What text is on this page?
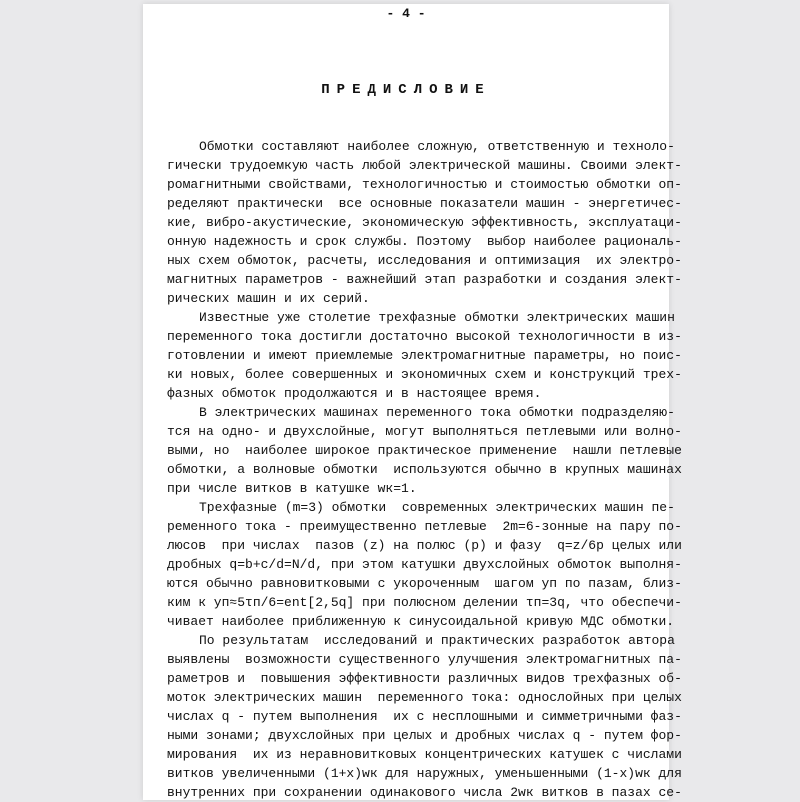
- 4 -
ПРЕДИСЛОВИЕ
Обмотки составляют наиболее сложную, ответственную и техноло-
гически трудоемкую часть любой электрической машины. Своими элект-
ромагнитными свойствами, технологичностью и стоимостью обмотки оп-
ределяют практически  все основные показатели машин - энергетичес-
кие, вибро-акустические, экономическую эффективность, эксплуатаци-
онную надежность и срок службы. Поэтому  выбор наиболее рациональ-
ных схем обмоток, расчеты, исследования и оптимизация  их электро-
магнитных параметров - важнейший этап разработки и создания элект-
рических машин и их серий.
Известные уже столетие трехфазные обмотки электрических машин
переменного тока достигли достаточно высокой технологичности в из-
готовлении и имеют приемлемые электромагнитные параметры, но поис-
ки новых, более совершенных и экономичных схем и конструкций трех-
фазных обмоток продолжаются и в настоящее время.
В электрических машинах переменного тока обмотки подразделяю-
тся на одно- и двухслойные, могут выполняться петлевыми или волно-
выми, но  наиболее широкое практическое применение  нашли петлевые
обмотки, а волновые обмотки  используются обычно в крупных машинах
при числе витков в катушке wк=1.
Трехфазные (m=3) обмотки  современных электрических машин пе-
ременного тока - преимущественно петлевые  2m=6-зонные на пару по-
люсов  при числах  пазов (z) на полюс (p) и фазу  q=z/6p целых или
дробных q=b+c/d=N/d, при этом катушки двухслойных обмоток выполня-
ются обычно равновитковыми с укороченным  шагом yп по пазам, близ-
ким к yп≈5τп/6=ent[2,5q] при полюсном делении τп=3q, что обеспечи-
чивает наиболее приближенную к синусоидальной кривую МДС обмотки.
По результатам  исследований и практических разработок автора
выявлены  возможности существенного улучшения электромагнитных па-
раметров и  повышения эффективности различных видов трехфазных об-
моток электрических машин  переменного тока: однослойных при целых
числах q - путем выполнения  их с несплошными и симметричными фаз-
ными зонами; двухслойных при целых и дробных числах q - путем фор-
мирования  их из неравновитковых концентрических катушек с числами
витков увеличенными (1+x)wк для наружных, уменьшенными (1-x)wк для
внутренних при сохранении одинакового числа 2wк витков в пазах се-
